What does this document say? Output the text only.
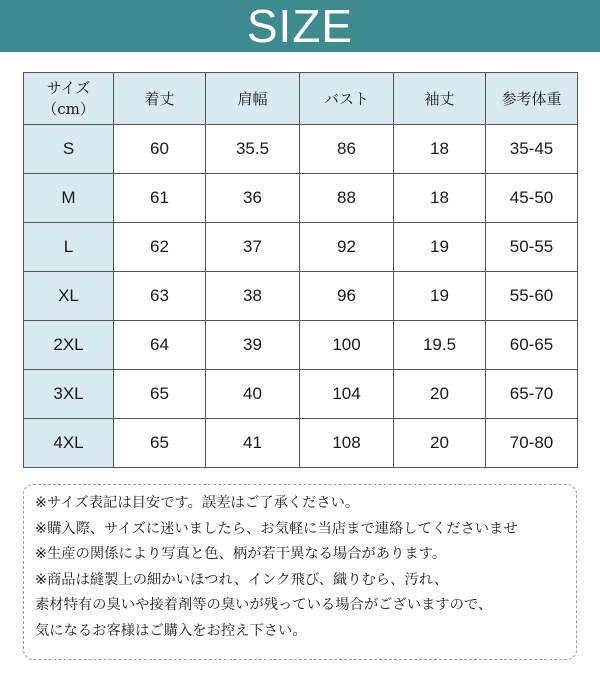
SIZE
サイズ
（cm）	着丈	肩幅	バスト	袖丈	参考体重
S	60	35.5	86	18	35-45
M	61	36	88	18	45-50
L	62	37	92	19	50-55
XL	63	38	96	19	55-60
2XL	64	39	100	19.5	60-65
3XL	65	40	104	20	65-70
4XL	65	41	108	20	70-80
※サイズ表記は目安です。誤差はご了承ください。
※購入際、サイズに迷いましたら、お気軽に当店まで連絡してくださいませ
※生産の関係により写真と色、柄が若干異なる場合があります。
※商品は縫製上の細かいほつれ、インク飛び、織りむら、汚れ、
素材特有の臭いや接着剤等の臭いが残っている場合がございますので、
気になるお客様はご購入をお控え下さい。
